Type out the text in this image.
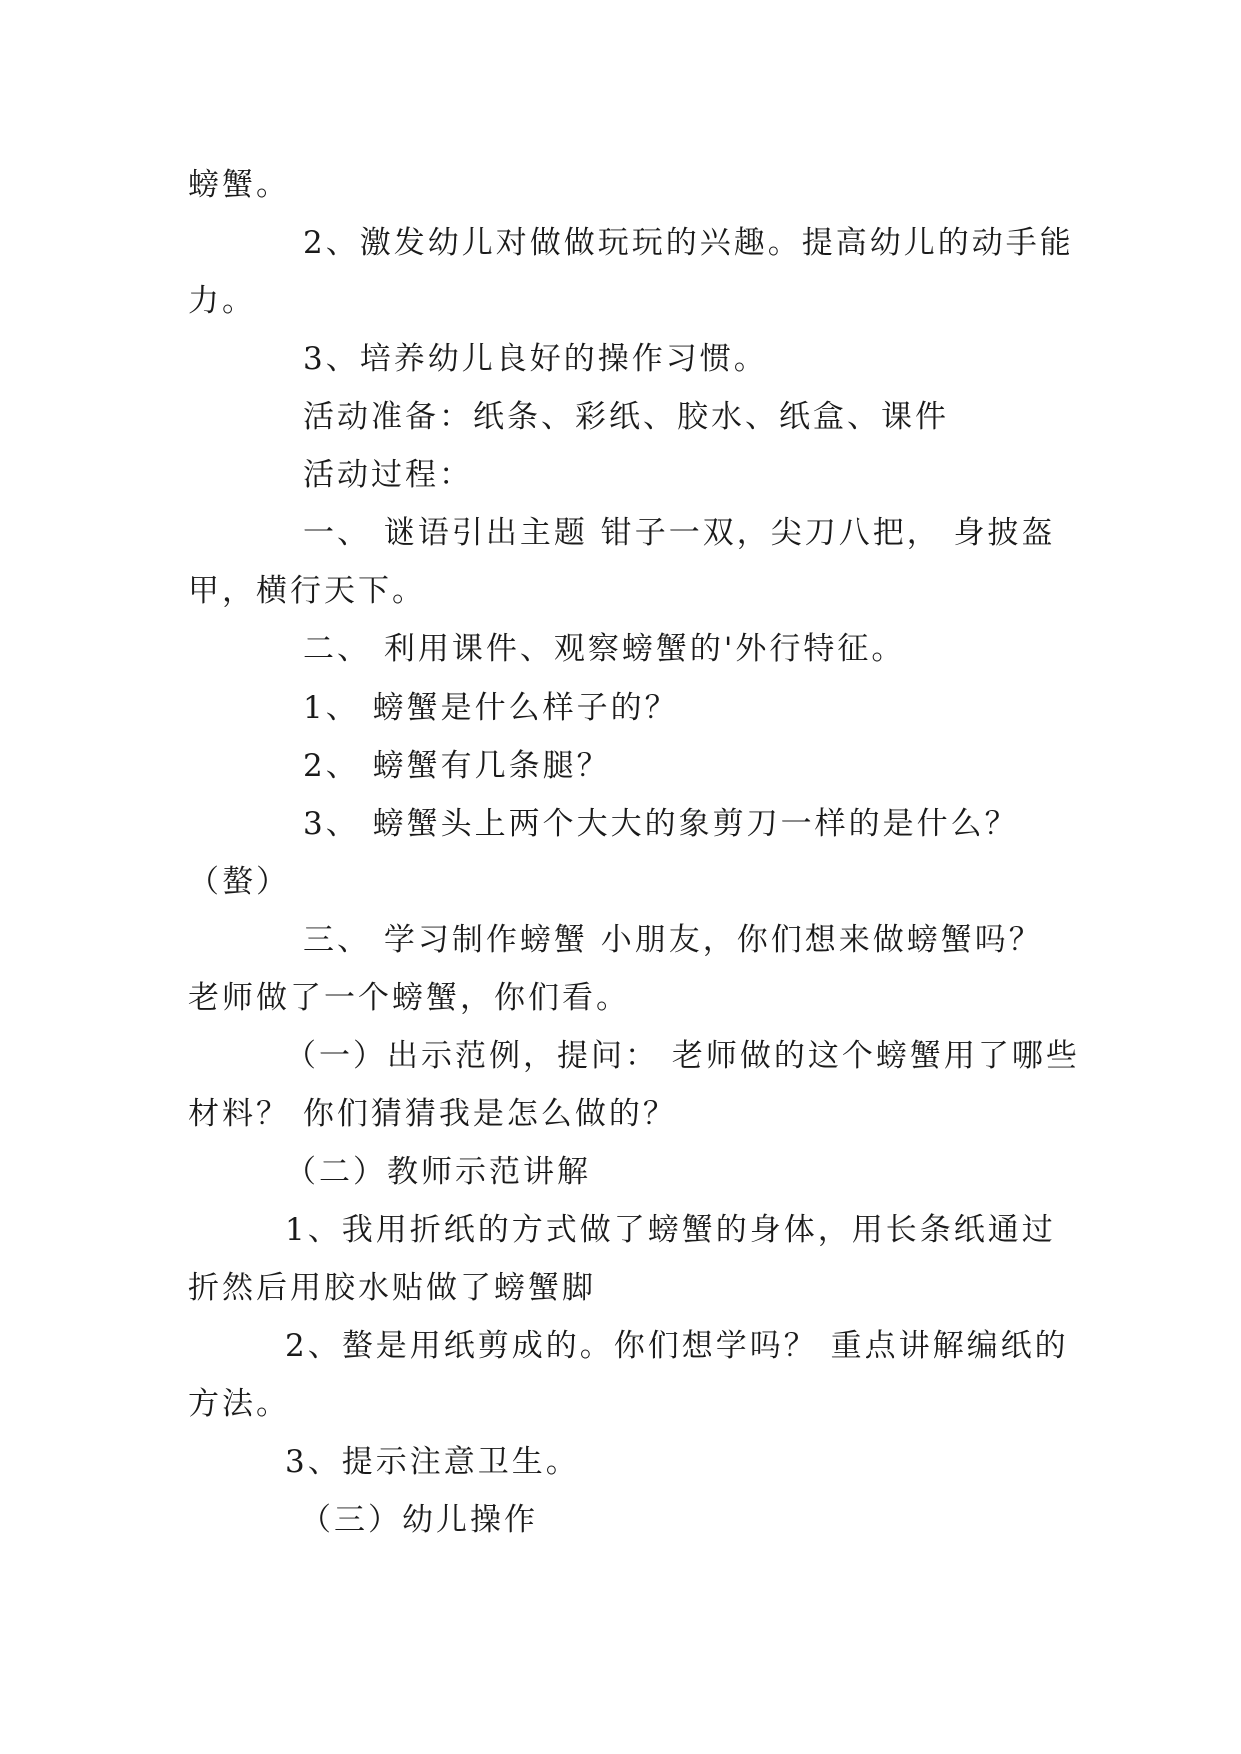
螃蟹。
2、激发幼儿对做做玩玩的兴趣。提高幼儿的动手能
力。
3、培养幼儿良好的操作习惯。
活动准备：纸条、彩纸、胶水、纸盒、课件
活动过程：
一、 谜语引出主题 钳子一双，尖刀八把， 身披盔
甲，横行天下。
二、 利用课件、观察螃蟹的'外行特征。
1、 螃蟹是什么样子的？
2、 螃蟹有几条腿？
3、 螃蟹头上两个大大的象剪刀一样的是什么？
（螯）
三、 学习制作螃蟹 小朋友，你们想来做螃蟹吗？
老师做了一个螃蟹，你们看。
（一）出示范例，提问： 老师做的这个螃蟹用了哪些
材料？ 你们猜猜我是怎么做的？
（二）教师示范讲解
1、我用折纸的方式做了螃蟹的身体，用长条纸通过
折然后用胶水贴做了螃蟹脚
2、螯是用纸剪成的。你们想学吗？ 重点讲解编纸的
方法。
3、提示注意卫生。
（三）幼儿操作
